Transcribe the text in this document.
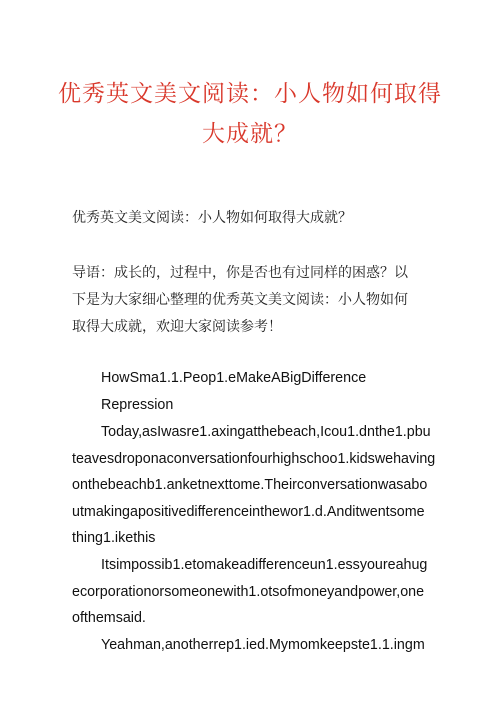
优秀英文美文阅读：小人物如何取得
大成就？
优秀英文美文阅读：小人物如何取得大成就？
导语：成长的，过程中，你是否也有过同样的困惑？以
下是为大家细心整理的优秀英文美文阅读：小人物如何
取得大成就，欢迎大家阅读参考！
HowSma1.1.Peop1.eMakeABigDifference
Repression
Today,asIwasre1.axingatthebeach,Icou1.dnthe1.pbu
teavesdroponaconversationfourhighschoo1.kidswehaving
onthebeachb1.anketnexttome.Theirconversationwasabo
utmakingapositivedifferenceinthewor1.d.Anditwentsome
thing1.ikethis
Itsimpossib1.etomakeadifferenceun1.essyoureahug
ecorporationorsomeonewith1.otsofmoneyandpower,one
ofthemsaid.
Yeahman,anotherrep1.ied.Mymomkeepste1.1.ingm
